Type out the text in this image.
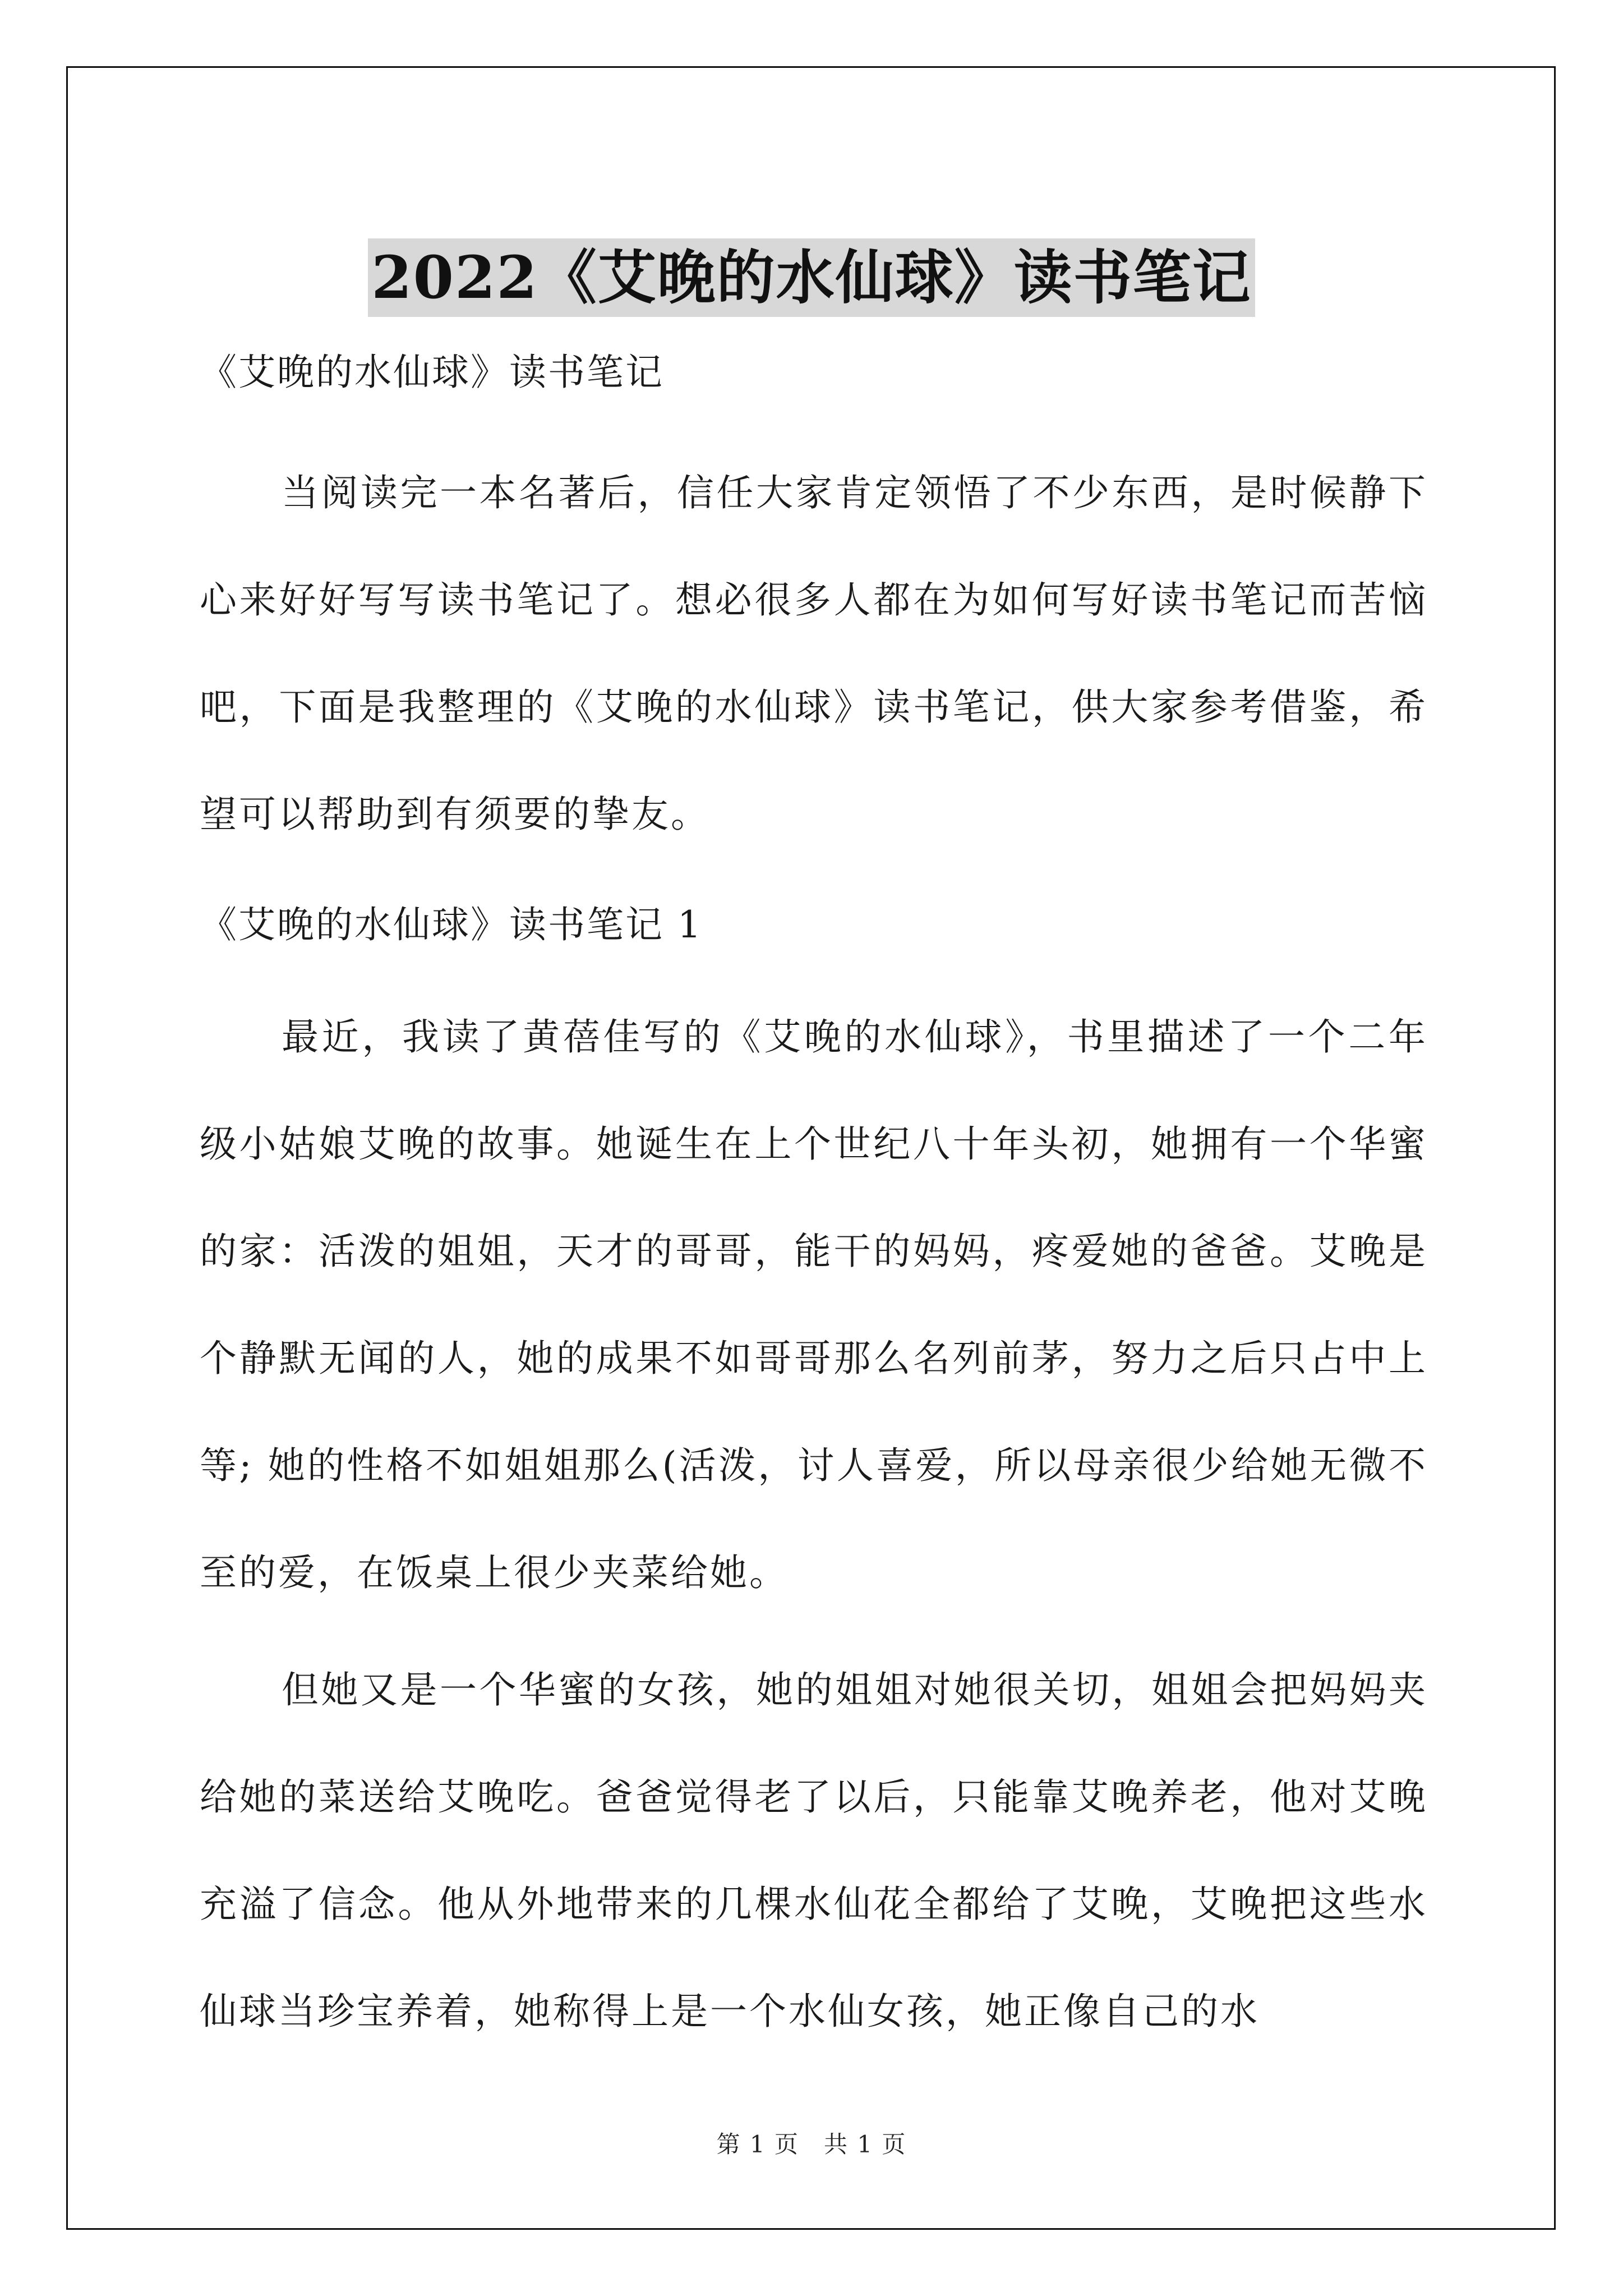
2022《艾晚的水仙球》读书笔记

《艾晚的水仙球》读书笔记

当阅读完一本名著后，信任大家肯定领悟了不少东西，是时候静下心来好好写写读书笔记了。想必很多人都在为如何写好读书笔记而苦恼吧，下面是我整理的《艾晚的水仙球》读书笔记，供大家参考借鉴，希望可以帮助到有须要的挚友。

《艾晚的水仙球》读书笔记 1

最近，我读了黄蓓佳写的《艾晚的水仙球》，书里描述了一个二年级小姑娘艾晚的故事。她诞生在上个世纪八十年头初，她拥有一个华蜜的家：活泼的姐姐，天才的哥哥，能干的妈妈，疼爱她的爸爸。艾晚是个静默无闻的人，她的成果不如哥哥那么名列前茅，努力之后只占中上等; 她的性格不如姐姐那么(活泼，讨人喜爱，所以母亲很少给她无微不至的爱，在饭桌上很少夹菜给她。

但她又是一个华蜜的女孩，她的姐姐对她很关切，姐姐会把妈妈夹给她的菜送给艾晚吃。爸爸觉得老了以后，只能靠艾晚养老，他对艾晚充溢了信念。他从外地带来的几棵水仙花全都给了艾晚，艾晚把这些水仙球当珍宝养着，她称得上是一个水仙女孩，她正像自己的水

第 1 页　共 1 页
